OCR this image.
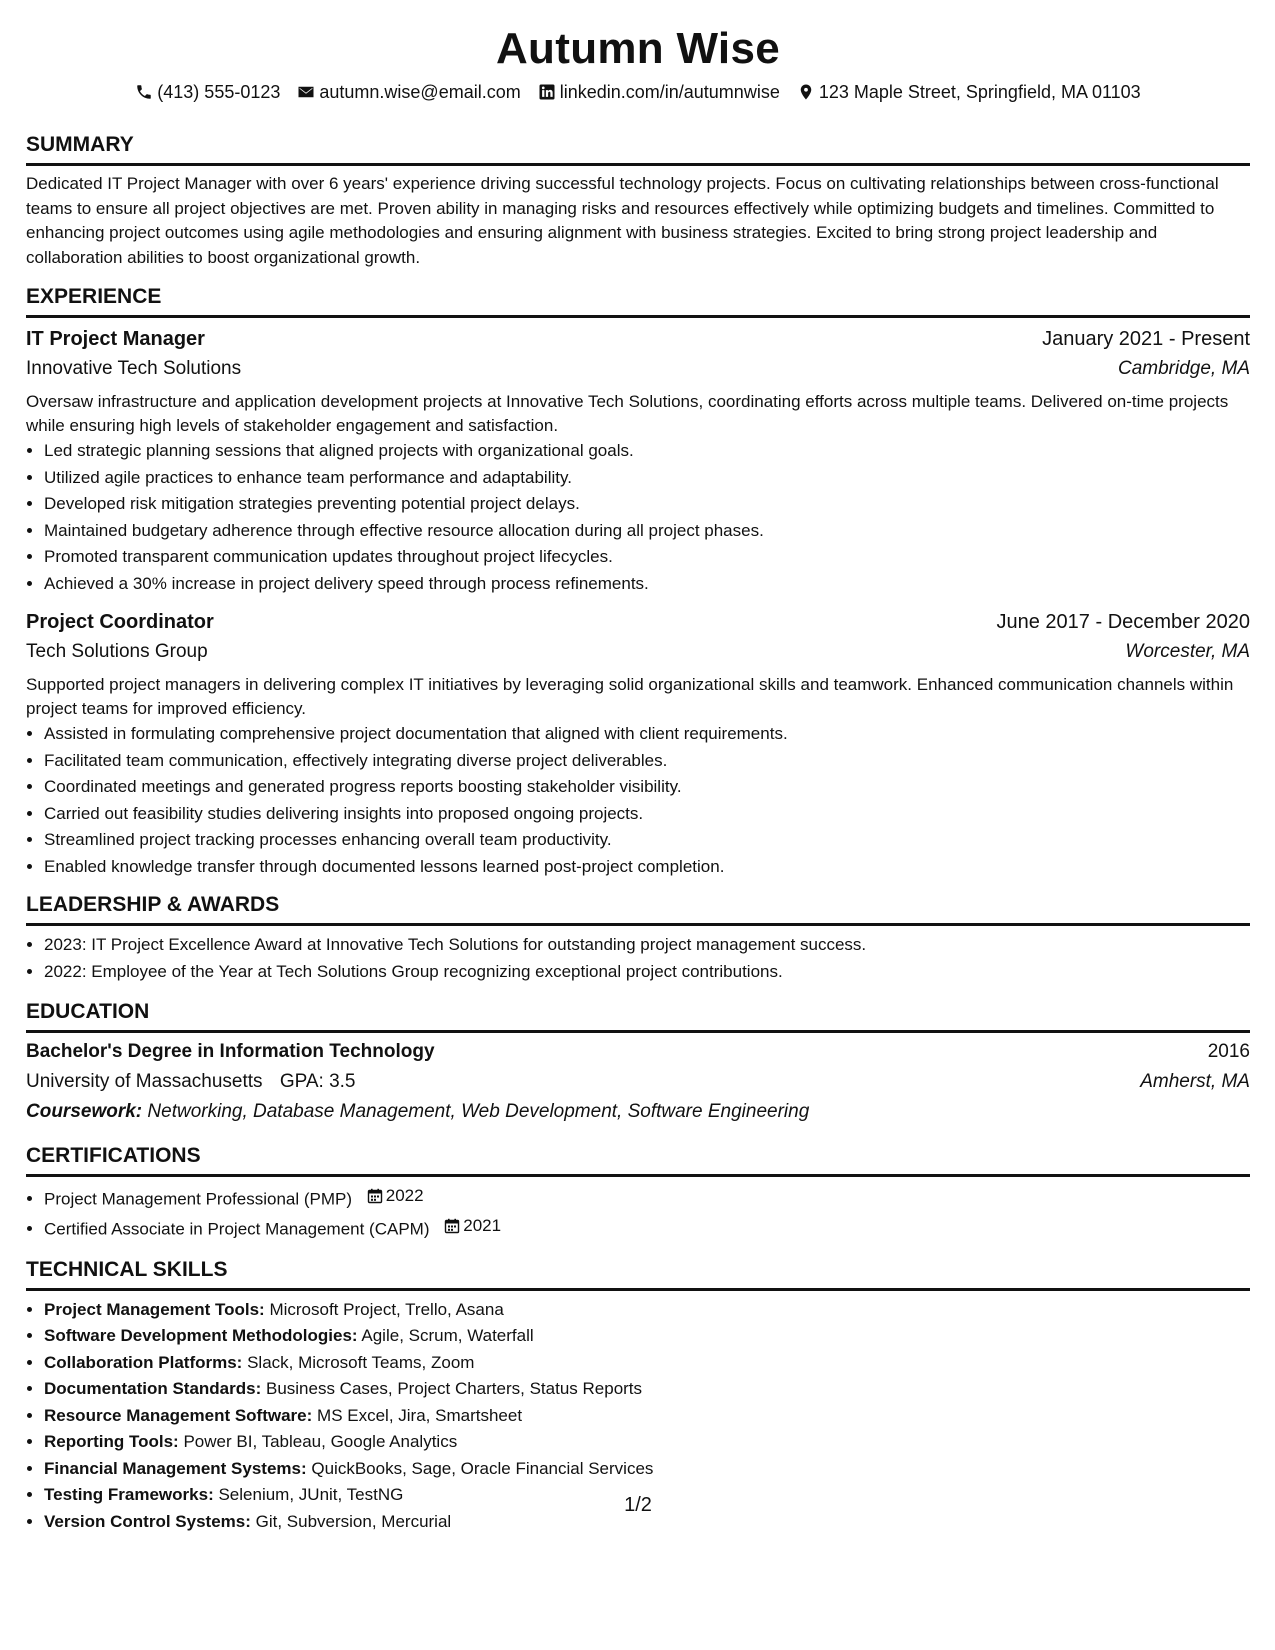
Autumn Wise
(413) 555-0123 autumn.wise@email.com linkedin.com/in/autumnwise 123 Maple Street, Springfield, MA 01103
SUMMARY
Dedicated IT Project Manager with over 6 years' experience driving successful technology projects. Focus on cultivating relationships between cross-functional teams to ensure all project objectives are met. Proven ability in managing risks and resources effectively while optimizing budgets and timelines. Committed to enhancing project outcomes using agile methodologies and ensuring alignment with business strategies. Excited to bring strong project leadership and collaboration abilities to boost organizational growth.
EXPERIENCE
IT Project Manager	January 2021 - Present
Innovative Tech Solutions	Cambridge, MA
Oversaw infrastructure and application development projects at Innovative Tech Solutions, coordinating efforts across multiple teams. Delivered on-time projects while ensuring high levels of stakeholder engagement and satisfaction.
• Led strategic planning sessions that aligned projects with organizational goals.
• Utilized agile practices to enhance team performance and adaptability.
• Developed risk mitigation strategies preventing potential project delays.
• Maintained budgetary adherence through effective resource allocation during all project phases.
• Promoted transparent communication updates throughout project lifecycles.
• Achieved a 30% increase in project delivery speed through process refinements.
Project Coordinator	June 2017 - December 2020
Tech Solutions Group	Worcester, MA
Supported project managers in delivering complex IT initiatives by leveraging solid organizational skills and teamwork. Enhanced communication channels within project teams for improved efficiency.
• Assisted in formulating comprehensive project documentation that aligned with client requirements.
• Facilitated team communication, effectively integrating diverse project deliverables.
• Coordinated meetings and generated progress reports boosting stakeholder visibility.
• Carried out feasibility studies delivering insights into proposed ongoing projects.
• Streamlined project tracking processes enhancing overall team productivity.
• Enabled knowledge transfer through documented lessons learned post-project completion.
LEADERSHIP & AWARDS
• 2023: IT Project Excellence Award at Innovative Tech Solutions for outstanding project management success.
• 2022: Employee of the Year at Tech Solutions Group recognizing exceptional project contributions.
EDUCATION
Bachelor's Degree in Information Technology	2016
University of Massachusetts GPA: 3.5	Amherst, MA
Coursework: Networking, Database Management, Web Development, Software Engineering
CERTIFICATIONS
• Project Management Professional (PMP) 2022
• Certified Associate in Project Management (CAPM) 2021
TECHNICAL SKILLS
• Project Management Tools: Microsoft Project, Trello, Asana
• Software Development Methodologies: Agile, Scrum, Waterfall
• Collaboration Platforms: Slack, Microsoft Teams, Zoom
• Documentation Standards: Business Cases, Project Charters, Status Reports
• Resource Management Software: MS Excel, Jira, Smartsheet
• Reporting Tools: Power BI, Tableau, Google Analytics
• Financial Management Systems: QuickBooks, Sage, Oracle Financial Services
• Testing Frameworks: Selenium, JUnit, TestNG
• Version Control Systems: Git, Subversion, Mercurial
1/2
